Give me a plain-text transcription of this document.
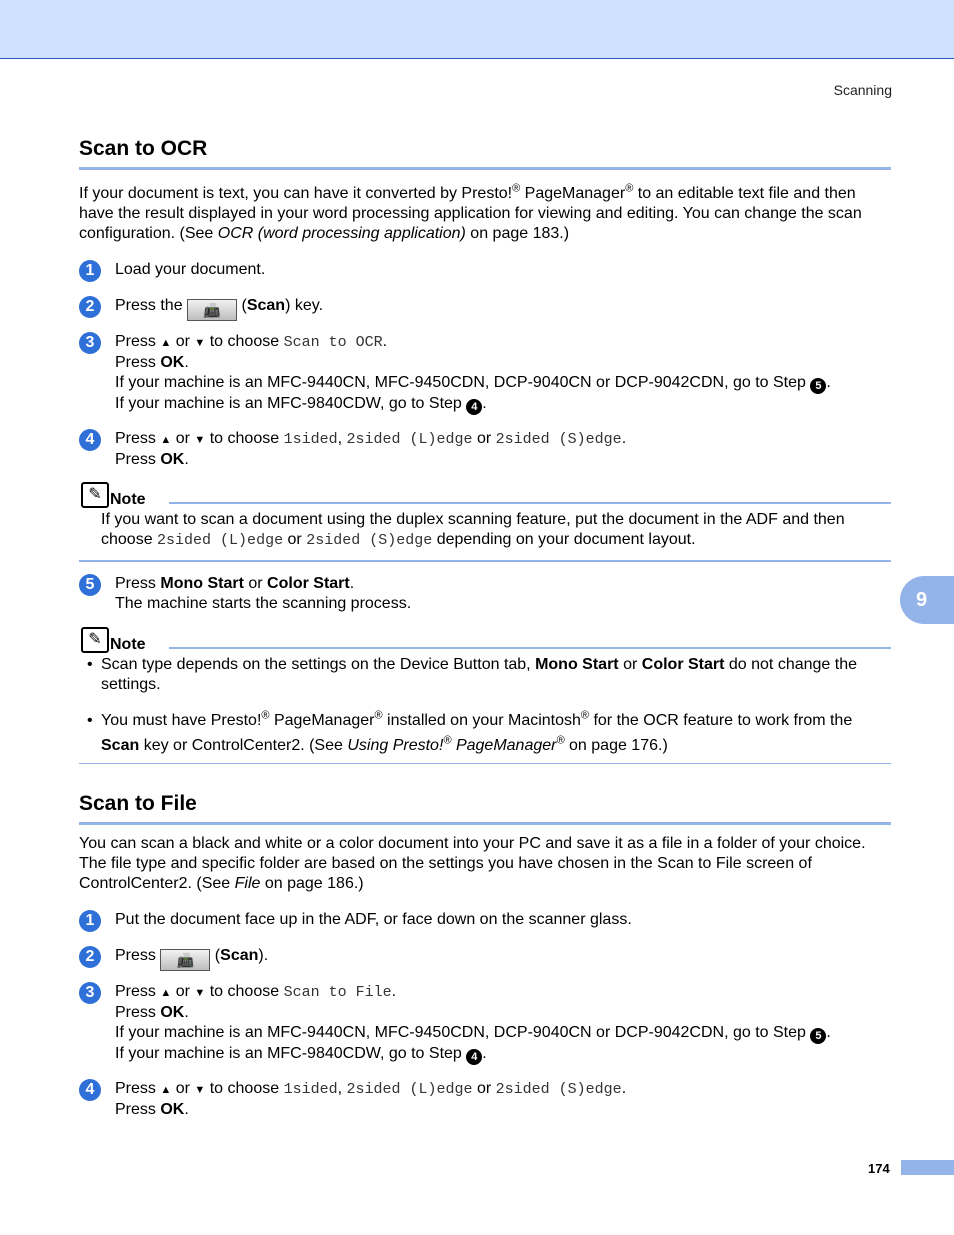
Scanning
Scan to OCR
If your document is text, you can have it converted by Presto!® PageManager® to an editable text file and then have the result displayed in your word processing application for viewing and editing. You can change the scan configuration. (See OCR (word processing application) on page 183.)
1	Load your document.
2	Press the 📠 (Scan) key.
3	Press ▲ or ▼ to choose Scan to OCR.
Press OK.
If your machine is an MFC-9440CN, MFC-9450CDN, DCP-9040CN or DCP-9042CDN, go to Step 5 .
If your machine is an MFC-9840CDW, go to Step 4 .
4	Press ▲ or ▼ to choose 1sided, 2sided (L)edge or 2sided (S)edge.
Press OK.
✎ Note
If you want to scan a document using the duplex scanning feature, put the document in the ADF and then choose 2sided (L)edge or 2sided (S)edge depending on your document layout.
5	Press Mono Start or Color Start.
The machine starts the scanning process.
✎ Note
• Scan type depends on the settings on the Device Button tab, Mono Start or Color Start do not change the settings.
• You must have Presto!® PageManager® installed on your Macintosh® for the OCR feature to work from the Scan key or ControlCenter2. (See Using Presto!® PageManager® on page 176.)
Scan to File
You can scan a black and white or a color document into your PC and save it as a file in a folder of your choice. The file type and specific folder are based on the settings you have chosen in the Scan to File screen of ControlCenter2. (See File on page 186.)
1	Put the document face up in the ADF, or face down on the scanner glass.
2	Press 📠 (Scan).
3	Press ▲ or ▼ to choose Scan to File.
Press OK.
If your machine is an MFC-9440CN, MFC-9450CDN, DCP-9040CN or DCP-9042CDN, go to Step 5 .
If your machine is an MFC-9840CDW, go to Step 4 .
4	Press ▲ or ▼ to choose 1sided, 2sided (L)edge or 2sided (S)edge.
Press OK.
9
174
